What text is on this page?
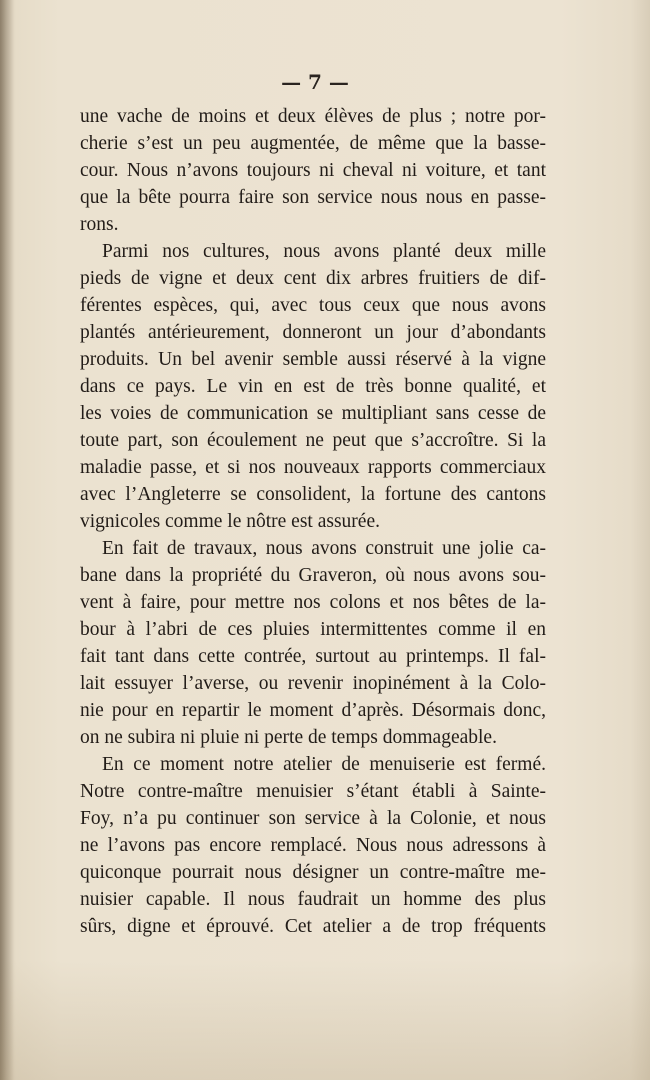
— 7 —
une vache de moins et deux élèves de plus ; notre por-
cherie s’est un peu augmentée, de même que la basse-
cour. Nous n’avons toujours ni cheval ni voiture, et tant
que la bête pourra faire son service nous nous en passe-
rons.
Parmi nos cultures, nous avons planté deux mille
pieds de vigne et deux cent dix arbres fruitiers de dif-
férentes espèces, qui, avec tous ceux que nous avons
plantés antérieurement, donneront un jour d’abondants
produits. Un bel avenir semble aussi réservé à la vigne
dans ce pays. Le vin en est de très bonne qualité, et
les voies de communication se multipliant sans cesse de
toute part, son écoulement ne peut que s’accroître. Si la
maladie passe, et si nos nouveaux rapports commerciaux
avec l’Angleterre se consolident, la fortune des cantons
vignicoles comme le nôtre est assurée.
En fait de travaux, nous avons construit une jolie ca-
bane dans la propriété du Graveron, où nous avons sou-
vent à faire, pour mettre nos colons et nos bêtes de la-
bour à l’abri de ces pluies intermittentes comme il en
fait tant dans cette contrée, surtout au printemps. Il fal-
lait essuyer l’averse, ou revenir inopinément à la Colo-
nie pour en repartir le moment d’après. Désormais donc,
on ne subira ni pluie ni perte de temps dommageable.
En ce moment notre atelier de menuiserie est fermé.
Notre contre-maître menuisier s’étant établi à Sainte-
Foy, n’a pu continuer son service à la Colonie, et nous
ne l’avons pas encore remplacé. Nous nous adressons à
quiconque pourrait nous désigner un contre-maître me-
nuisier capable. Il nous faudrait un homme des plus
sûrs, digne et éprouvé. Cet atelier a de trop fréquents
